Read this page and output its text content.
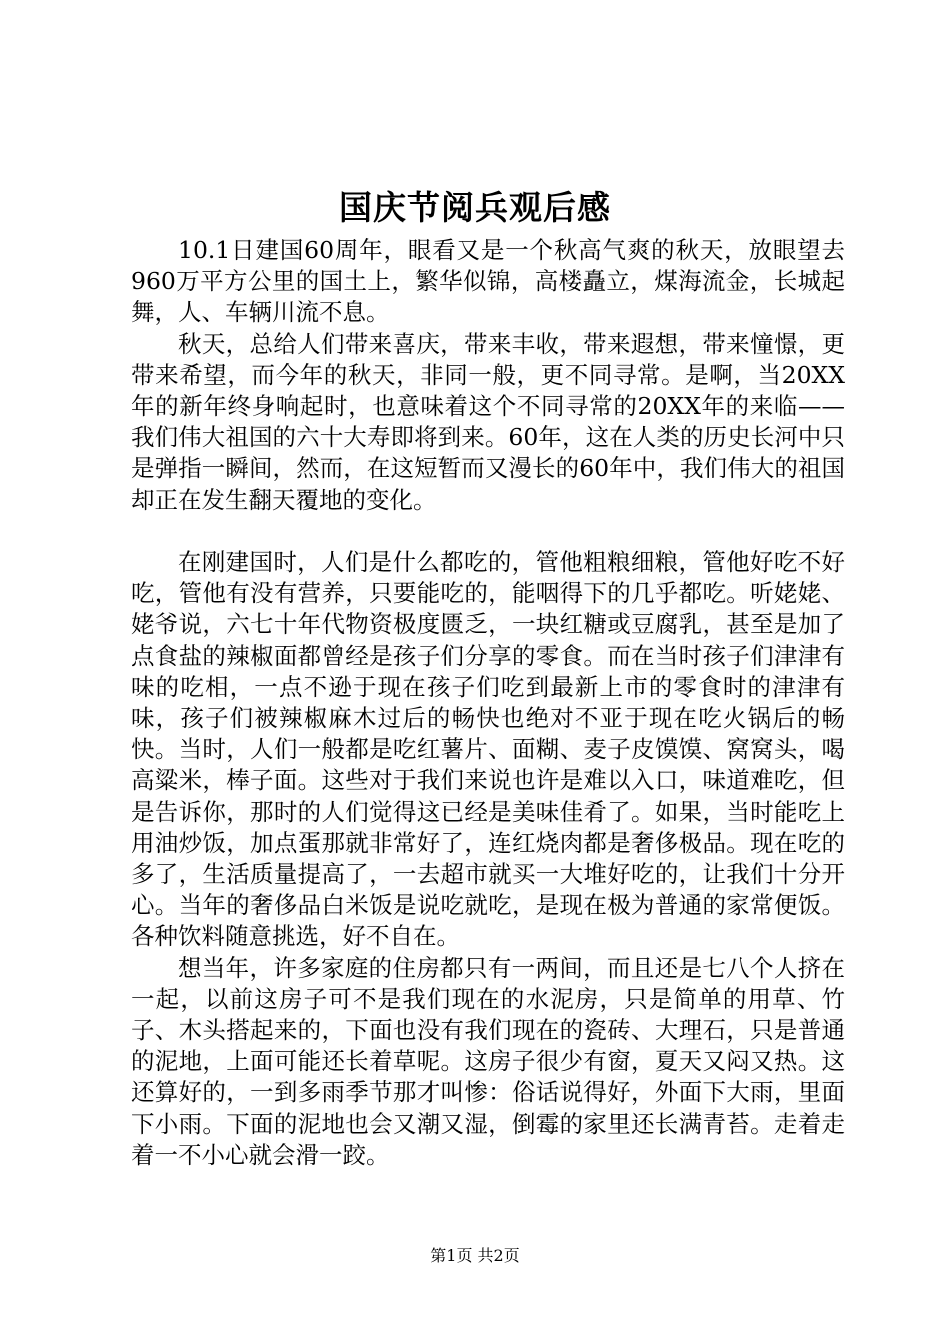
国庆节阅兵观后感

10.1日建国60周年，眼看又是一个秋高气爽的秋天，放眼望去960万平方公里的国土上，繁华似锦，高楼矗立，煤海流金，长城起舞，人、车辆川流不息。

秋天，总给人们带来喜庆，带来丰收，带来遐想，带来憧憬，更带来希望，而今年的秋天，非同一般，更不同寻常。是啊，当20XX年的新年终身响起时，也意味着这个不同寻常的20XX年的来临——我们伟大祖国的六十大寿即将到来。60年，这在人类的历史长河中只是弹指一瞬间，然而，在这短暂而又漫长的60年中，我们伟大的祖国却正在发生翻天覆地的变化。

在刚建国时，人们是什么都吃的，管他粗粮细粮，管他好吃不好吃，管他有没有营养，只要能吃的，能咽得下的几乎都吃。听姥姥、姥爷说，六七十年代物资极度匮乏，一块红糖或豆腐乳，甚至是加了点食盐的辣椒面都曾经是孩子们分享的零食。而在当时孩子们津津有味的吃相，一点不逊于现在孩子们吃到最新上市的零食时的津津有味，孩子们被辣椒麻木过后的畅快也绝对不亚于现在吃火锅后的畅快。当时，人们一般都是吃红薯片、面糊、麦子皮馍馍、窝窝头，喝高粱米，棒子面。这些对于我们来说也许是难以入口，味道难吃，但是告诉你，那时的人们觉得这已经是美味佳肴了。如果，当时能吃上用油炒饭，加点蛋那就非常好了，连红烧肉都是奢侈极品。现在吃的多了，生活质量提高了，一去超市就买一大堆好吃的，让我们十分开心。当年的奢侈品白米饭是说吃就吃，是现在极为普通的家常便饭。各种饮料随意挑选，好不自在。

想当年，许多家庭的住房都只有一两间，而且还是七八个人挤在一起，以前这房子可不是我们现在的水泥房，只是简单的用草、竹子、木头搭起来的，下面也没有我们现在的瓷砖、大理石，只是普通的泥地，上面可能还长着草呢。这房子很少有窗，夏天又闷又热。这还算好的，一到多雨季节那才叫惨：俗话说得好，外面下大雨，里面下小雨。下面的泥地也会又潮又湿，倒霉的家里还长满青苔。走着走着一不小心就会滑一跤。

第1页 共2页
